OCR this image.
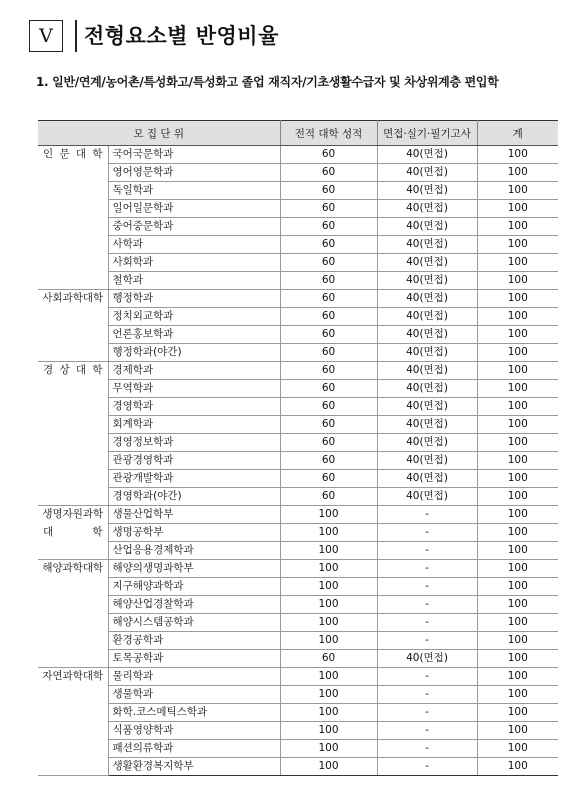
V 전형요소별 반영비율
1. 일반/연계/농어촌/특성화고/특성화고 졸업 재직자/기초생활수급자 및 차상위계층 편입학
모 집 단 위		전적 대학 성적	면접·실기·필기고사	계
인 문 대 학	국어국문학과	60	40(면접)	100
	영어영문학과	60	40(면접)	100
	독일학과	60	40(면접)	100
	일어일문학과	60	40(면접)	100
	중어중문학과	60	40(면접)	100
	사학과	60	40(면접)	100
	사회학과	60	40(면접)	100
	철학과	60	40(면접)	100
사회과학대학	행정학과	60	40(면접)	100
	정치외교학과	60	40(면접)	100
	언론홍보학과	60	40(면접)	100
	행정학과(야간)	60	40(면접)	100
경 상 대 학	경제학과	60	40(면접)	100
	무역학과	60	40(면접)	100
	경영학과	60	40(면접)	100
	회계학과	60	40(면접)	100
	경영정보학과	60	40(면접)	100
	관광경영학과	60	40(면접)	100
	관광개발학과	60	40(면접)	100
	경영학과(야간)	60	40(면접)	100
생명자원과학	생물산업학부	100	-	100
대 학	생명공학부	100	-	100
	산업응용경제학과	100	-	100
해양과학대학	해양의생명과학부	100	-	100
	지구해양과학과	100	-	100
	해양산업경찰학과	100	-	100
	해양시스템공학과	100	-	100
	환경공학과	100	-	100
	토목공학과	60	40(면접)	100
자연과학대학	물리학과	100	-	100
	생물학과	100	-	100
	화학.코스메틱스학과	100	-	100
	식품영양학과	100	-	100
	패션의류학과	100	-	100
	생활환경복지학부	100	-	100
